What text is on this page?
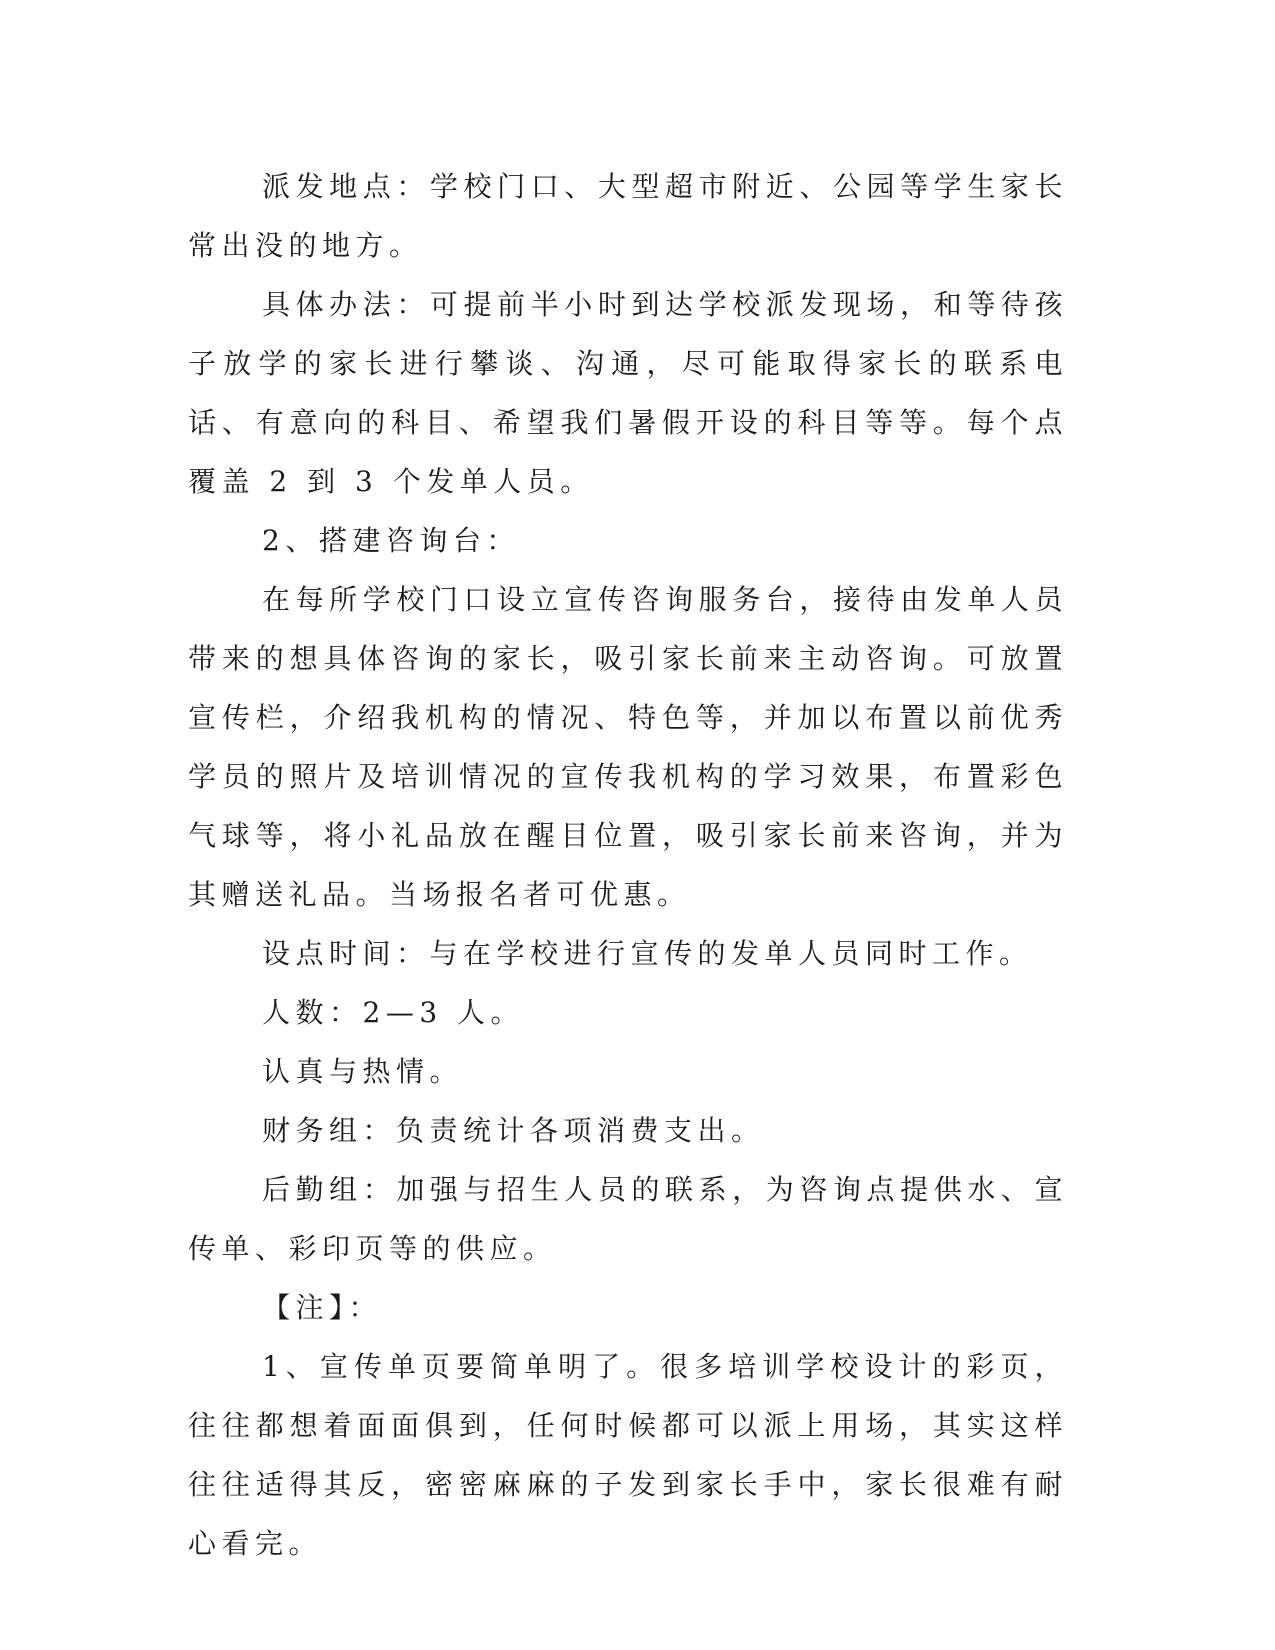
派发地点：学校门口、大型超市附近、公园等学生家长常出没的地方。

具体办法：可提前半小时到达学校派发现场，和等待孩子放学的家长进行攀谈、沟通，尽可能取得家长的联系电话、有意向的科目、希望我们暑假开设的科目等等。每个点覆盖 2 到 3 个发单人员。

2、搭建咨询台：

在每所学校门口设立宣传咨询服务台，接待由发单人员带来的想具体咨询的家长，吸引家长前来主动咨询。可放置宣传栏，介绍我机构的情况、特色等，并加以布置以前优秀学员的照片及培训情况的宣传我机构的学习效果，布置彩色气球等，将小礼品放在醒目位置，吸引家长前来咨询，并为其赠送礼品。当场报名者可优惠。

设点时间：与在学校进行宣传的发单人员同时工作。

人数：2—3 人。

认真与热情。

财务组：负责统计各项消费支出。

后勤组：加强与招生人员的联系，为咨询点提供水、宣传单、彩印页等的供应。

【注】：

1、宣传单页要简单明了。很多培训学校设计的彩页，往往都想着面面俱到，任何时候都可以派上用场，其实这样往往适得其反，密密麻麻的子发到家长手中，家长很难有耐心看完。
